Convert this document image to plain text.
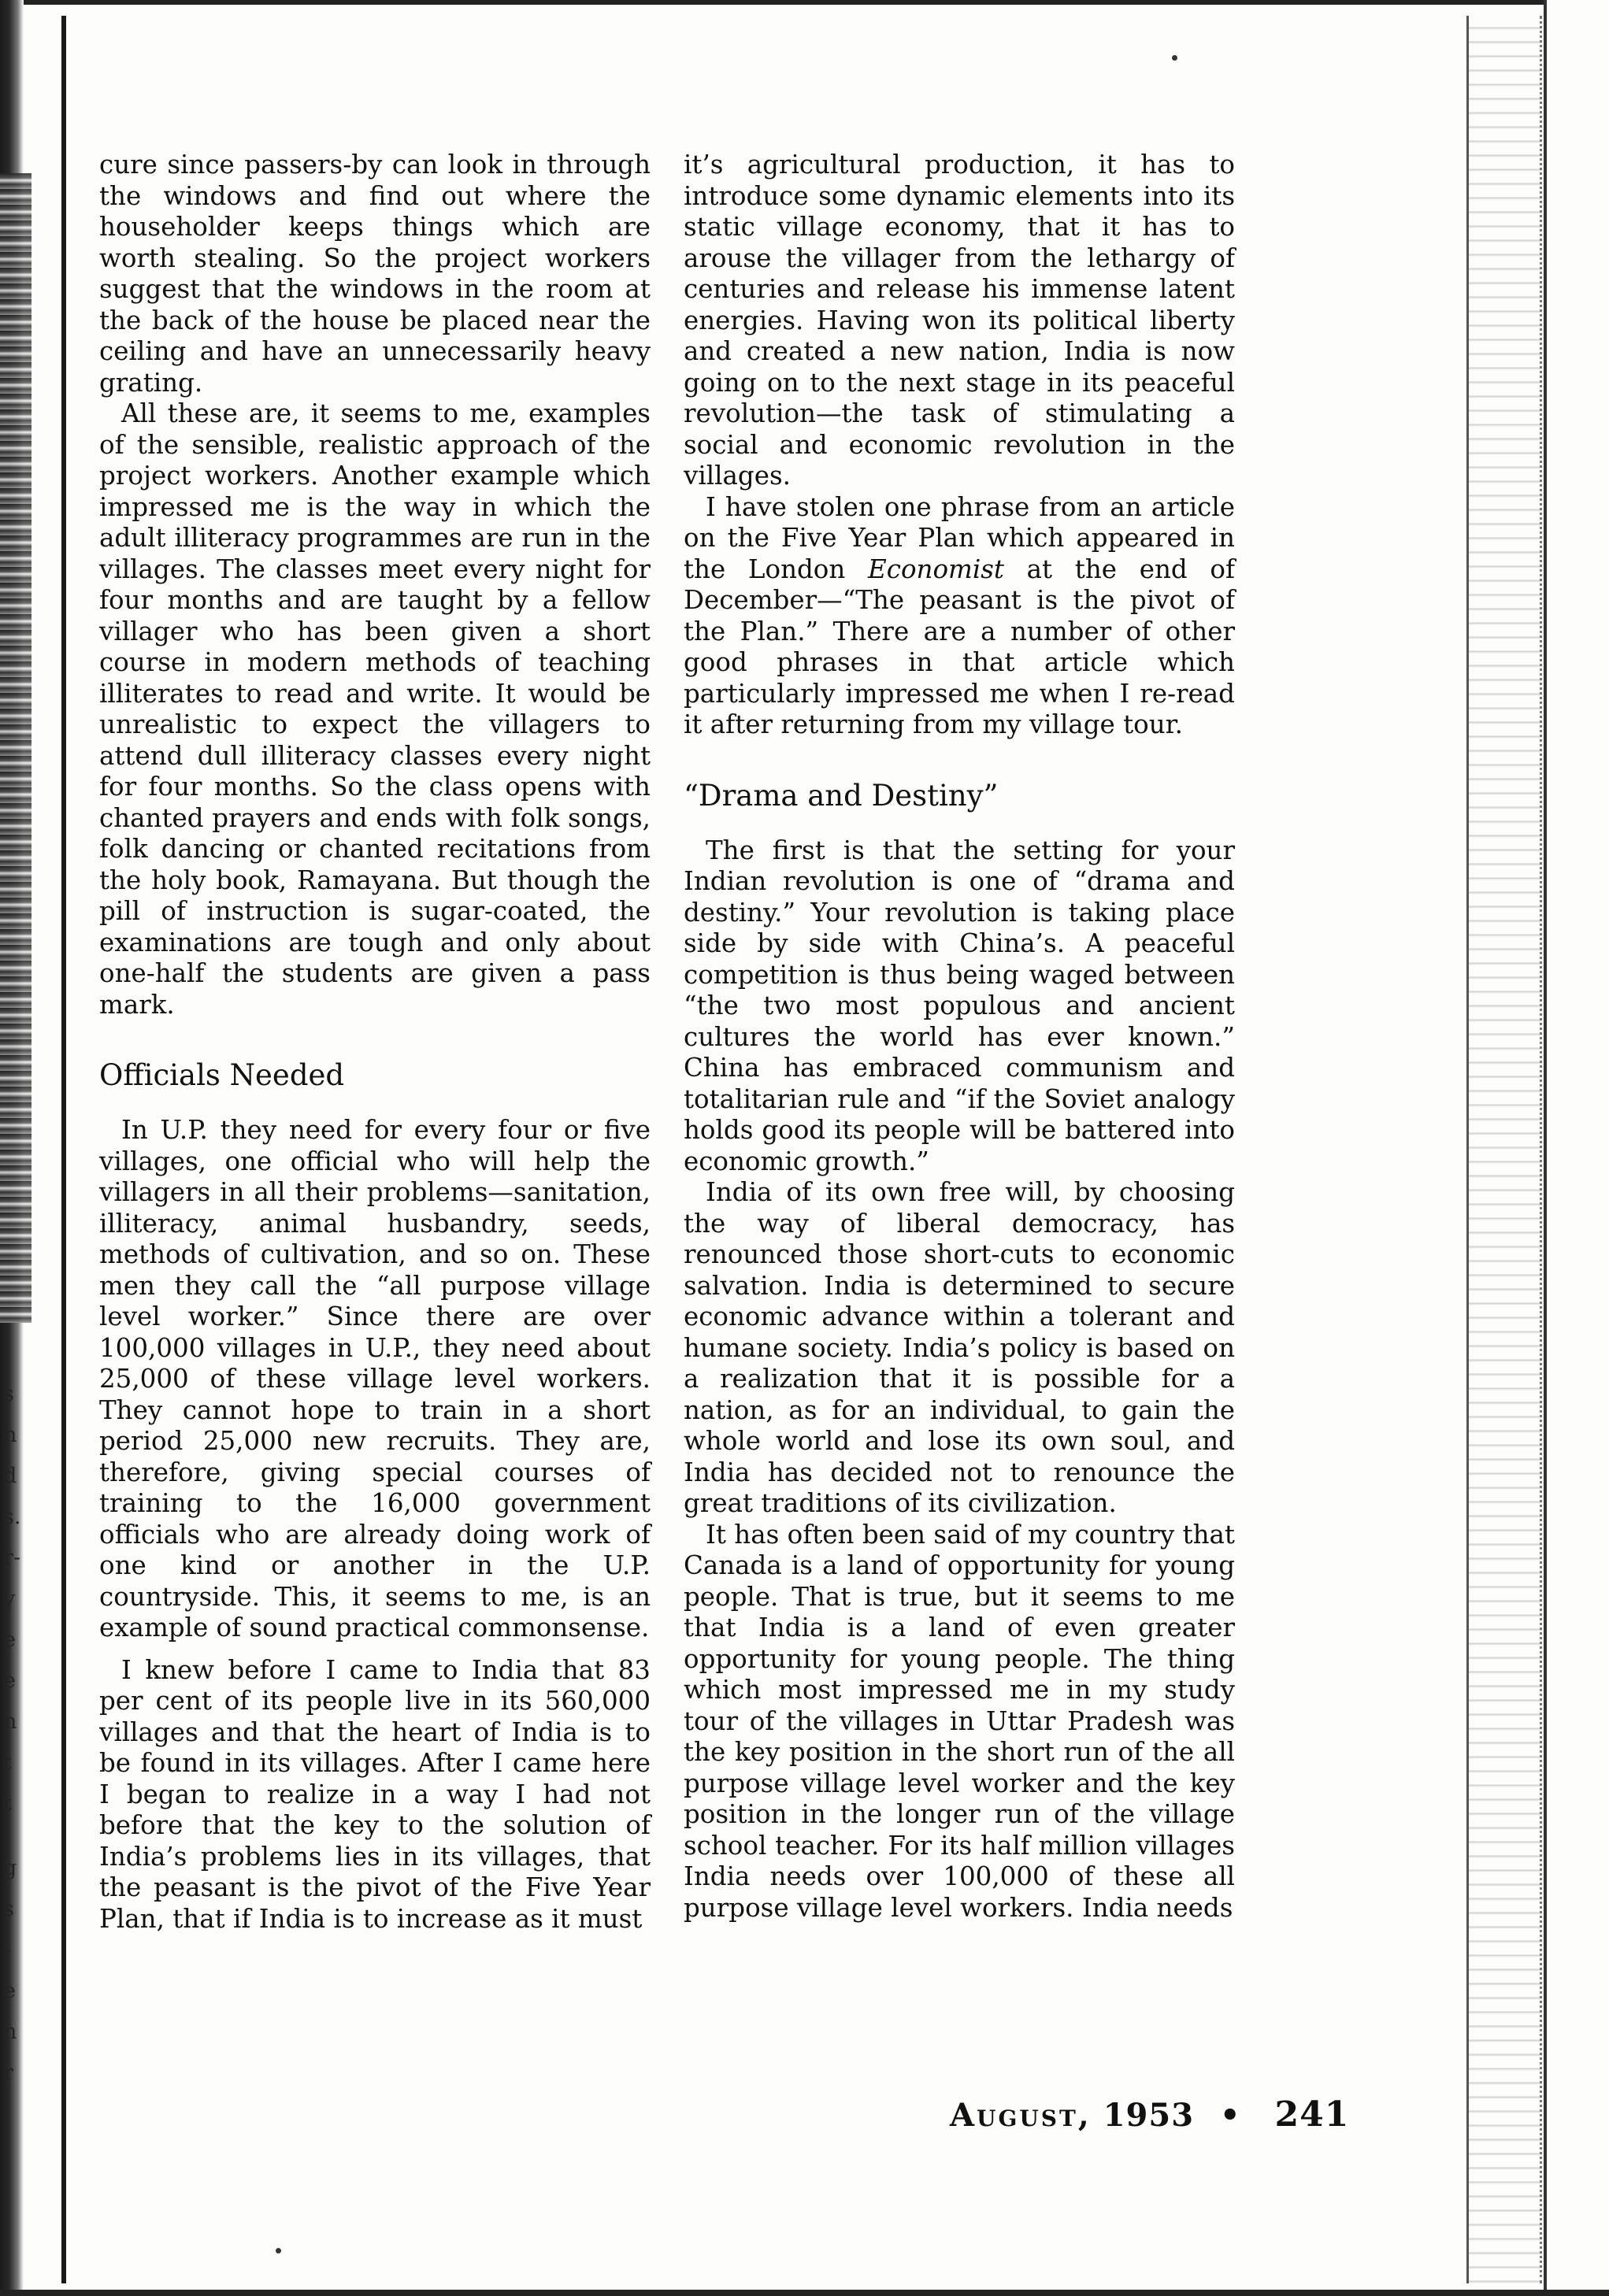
s
h
d
s.
r-
y
e
e
n
t
t
g
s
-
e
n
r

cure since passers-by can look in through the windows and find out where the householder keeps things which are worth stealing. So the project workers suggest that the windows in the room at the back of the house be placed near the ceiling and have an unnecessarily heavy grating.

All these are, it seems to me, examples of the sensible, realistic approach of the project workers. Another example which impressed me is the way in which the adult illiteracy programmes are run in the villages. The classes meet every night for four months and are taught by a fellow villager who has been given a short course in modern methods of teaching illiterates to read and write. It would be unrealistic to expect the villagers to attend dull illiteracy classes every night for four months. So the class opens with chanted prayers and ends with folk songs, folk dancing or chanted recitations from the holy book, Ramayana. But though the pill of instruction is sugar-coated, the examinations are tough and only about one-half the students are given a pass mark.

Officials Needed

In U.P. they need for every four or five villages, one official who will help the villagers in all their problems—sanitation, illiteracy, animal husbandry, seeds, methods of cultivation, and so on. These men they call the “all purpose village level worker.” Since there are over 100,000 villages in U.P., they need about 25,000 of these village level workers. They cannot hope to train in a short period 25,000 new recruits. They are, therefore, giving special courses of training to the 16,000 government officials who are already doing work of one kind or another in the U.P. countryside. This, it seems to me, is an example of sound practical commonsense.

I knew before I came to India that 83 per cent of its people live in its 560,000 villages and that the heart of India is to be found in its villages. After I came here I began to realize in a way I had not before that the key to the solution of India’s problems lies in its villages, that the peasant is the pivot of the Five Year Plan, that if India is to increase as it must

it’s agricultural production, it has to introduce some dynamic elements into its static village economy, that it has to arouse the villager from the lethargy of centuries and release his immense latent energies. Having won its political liberty and created a new nation, India is now going on to the next stage in its peaceful revolution—the task of stimulating a social and economic revolution in the villages.

I have stolen one phrase from an article on the Five Year Plan which appeared in the London Economist at the end of December—“The peasant is the pivot of the Plan.” There are a number of other good phrases in that article which particularly impressed me when I re-read it after returning from my village tour.

“Drama and Destiny”

The first is that the setting for your Indian revolution is one of “drama and destiny.” Your revolution is taking place side by side with China’s. A peaceful competition is thus being waged between “the two most populous and ancient cultures the world has ever known.” China has embraced communism and totalitarian rule and “if the Soviet analogy holds good its people will be battered into economic growth.”

India of its own free will, by choosing the way of liberal democracy, has renounced those short-cuts to economic salvation. India is determined to secure economic advance within a tolerant and humane society. India’s policy is based on a realization that it is possible for a nation, as for an individual, to gain the whole world and lose its own soul, and India has decided not to renounce the great traditions of its civilization.

It has often been said of my country that Canada is a land of opportunity for young people. That is true, but it seems to me that India is a land of even greater opportunity for young people. The thing which most impressed me in my study tour of the villages in Uttar Pradesh was the key position in the short run of the all purpose village level worker and the key position in the longer run of the village school teacher. For its half million villages India needs over 100,000 of these all purpose village level workers. India needs

August, 1953 • 241
